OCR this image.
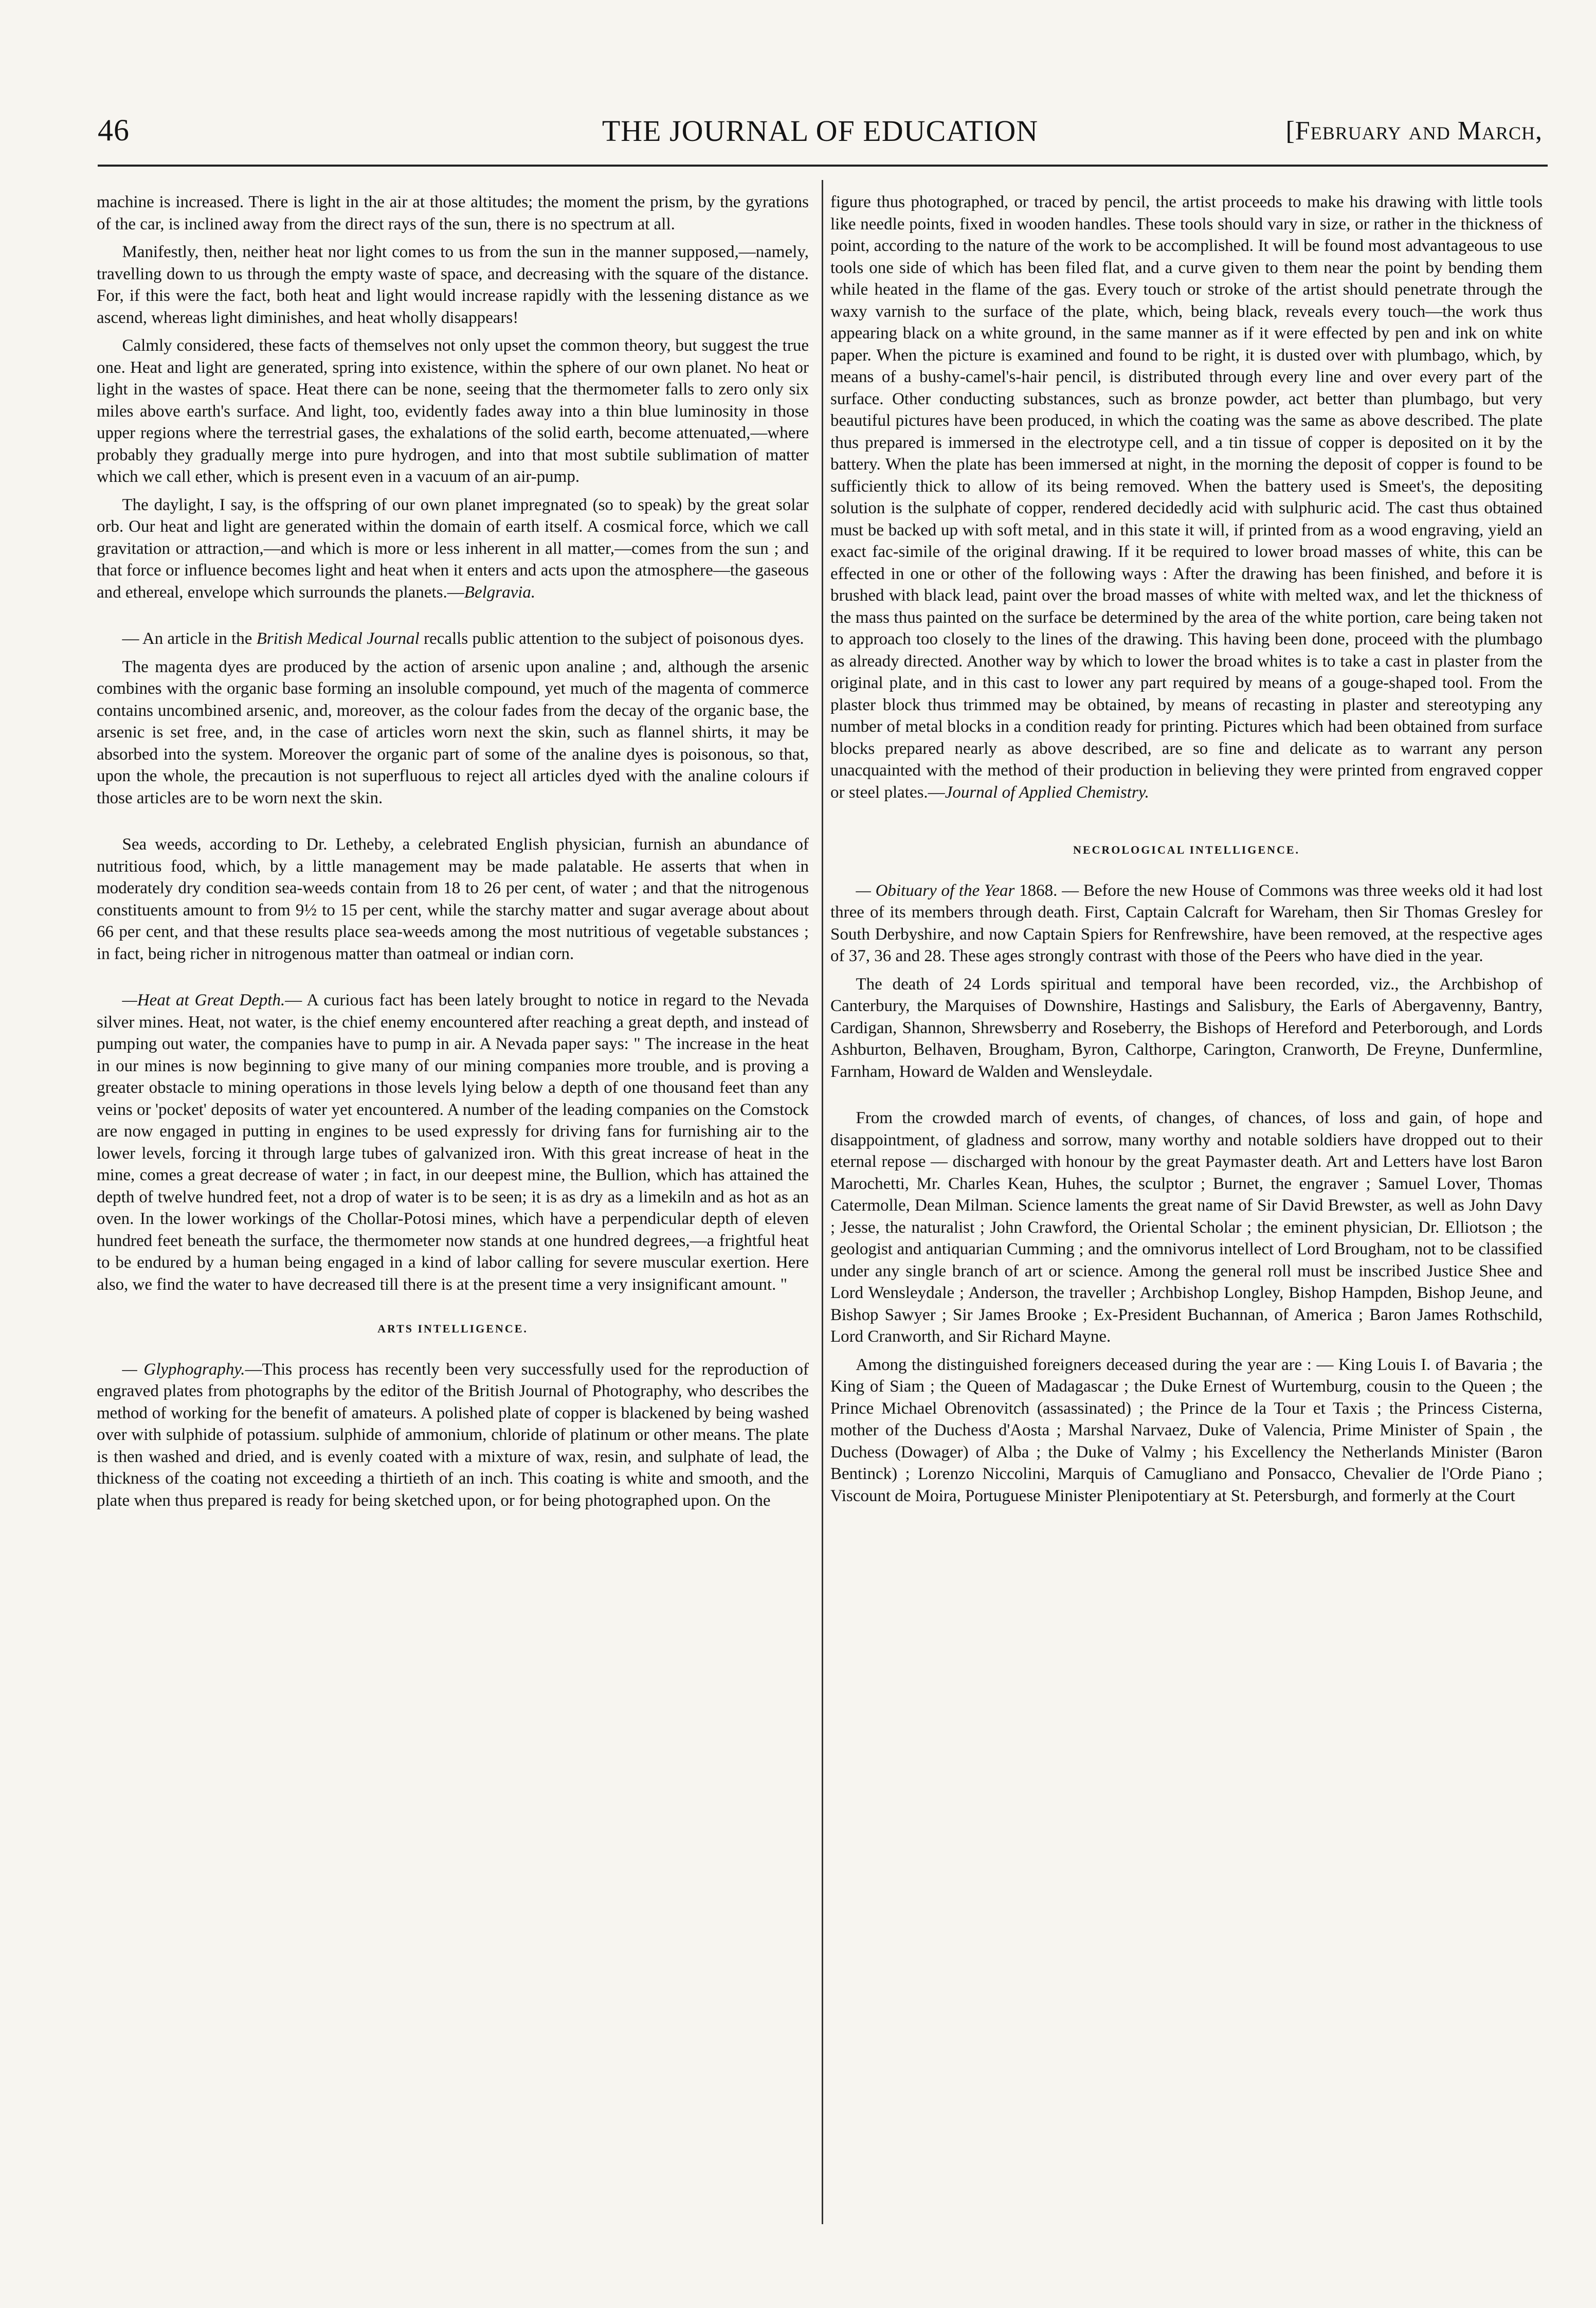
46	THE JOURNAL OF EDUCATION	[February and March,

machine is increased. There is light in the air at those altitudes; the moment the prism, by the gyrations of the car, is inclined away from the direct rays of the sun, there is no spectrum at all.

Manifestly, then, neither heat nor light comes to us from the sun in the manner supposed,—namely, travelling down to us through the empty waste of space, and decreasing with the square of the distance. For, if this were the fact, both heat and light would increase rapidly with the lessening distance as we ascend, whereas light diminishes, and heat wholly disappears!

Calmly considered, these facts of themselves not only upset the common theory, but suggest the true one. Heat and light are generated, spring into existence, within the sphere of our own planet. No heat or light in the wastes of space. Heat there can be none, seeing that the thermometer falls to zero only six miles above earth's surface. And light, too, evidently fades away into a thin blue luminosity in those upper regions where the terrestrial gases, the exhalations of the solid earth, become attenuated,—where probably they gradually merge into pure hydrogen, and into that most subtile sublimation of matter which we call ether, which is present even in a vacuum of an air-pump.

The daylight, I say, is the offspring of our own planet impregnated (so to speak) by the great solar orb. Our heat and light are generated within the domain of earth itself. A cosmical force, which we call gravitation or attraction,—and which is more or less inherent in all matter,—comes from the sun ; and that force or influence becomes light and heat when it enters and acts upon the atmosphere—the gaseous and ethereal, envelope which surrounds the planets.—Belgravia.

— An article in the British Medical Journal recalls public attention to the subject of poisonous dyes.

The magenta dyes are produced by the action of arsenic upon analine ; and, although the arsenic combines with the organic base forming an insoluble compound, yet much of the magenta of commerce contains uncombined arsenic, and, moreover, as the colour fades from the decay of the organic base, the arsenic is set free, and, in the case of articles worn next the skin, such as flannel shirts, it may be absorbed into the system. Moreover the organic part of some of the analine dyes is poisonous, so that, upon the whole, the precaution is not superfluous to reject all articles dyed with the analine colours if those articles are to be worn next the skin.

Sea weeds, according to Dr. Letheby, a celebrated English physician, furnish an abundance of nutritious food, which, by a little management may be made palatable. He asserts that when in moderately dry condition sea-weeds contain from 18 to 26 per cent, of water ; and that the nitrogenous constituents amount to from 9½ to 15 per cent, while the starchy matter and sugar average about about 66 per cent, and that these results place sea-weeds among the most nutritious of vegetable substances ; in fact, being richer in nitrogenous matter than oatmeal or indian corn.

—Heat at Great Depth.— A curious fact has been lately brought to notice in regard to the Nevada silver mines. Heat, not water, is the chief enemy encountered after reaching a great depth, and instead of pumping out water, the companies have to pump in air. A Nevada paper says: " The increase in the heat in our mines is now beginning to give many of our mining companies more trouble, and is proving a greater obstacle to mining operations in those levels lying below a depth of one thousand feet than any veins or 'pocket' deposits of water yet encountered. A number of the leading companies on the Comstock are now engaged in putting in engines to be used expressly for driving fans for furnishing air to the lower levels, forcing it through large tubes of galvanized iron. With this great increase of heat in the mine, comes a great decrease of water ; in fact, in our deepest mine, the Bullion, which has attained the depth of twelve hundred feet, not a drop of water is to be seen; it is as dry as a limekiln and as hot as an oven. In the lower workings of the Chollar-Potosi mines, which have a perpendicular depth of eleven hundred feet beneath the surface, the thermometer now stands at one hundred degrees,—a frightful heat to be endured by a human being engaged in a kind of labor calling for severe muscular exertion. Here also, we find the water to have decreased till there is at the present time a very insignificant amount. "

ARTS INTELLIGENCE.

— Glyphography.—This process has recently been very successfully used for the reproduction of engraved plates from photographs by the editor of the British Journal of Photography, who describes the method of working for the benefit of amateurs. A polished plate of copper is blackened by being washed over with sulphide of potassium. sulphide of ammonium, chloride of platinum or other means. The plate is then washed and dried, and is evenly coated with a mixture of wax, resin, and sulphate of lead, the thickness of the coating not exceeding a thirtieth of an inch. This coating is white and smooth, and the plate when thus prepared is ready for being sketched upon, or for being photographed upon. On the

figure thus photographed, or traced by pencil, the artist proceeds to make his drawing with little tools like needle points, fixed in wooden handles. These tools should vary in size, or rather in the thickness of point, according to the nature of the work to be accomplished. It will be found most advantageous to use tools one side of which has been filed flat, and a curve given to them near the point by bending them while heated in the flame of the gas. Every touch or stroke of the artist should penetrate through the waxy varnish to the surface of the plate, which, being black, reveals every touch—the work thus appearing black on a white ground, in the same manner as if it were effected by pen and ink on white paper. When the picture is examined and found to be right, it is dusted over with plumbago, which, by means of a bushy-camel's-hair pencil, is distributed through every line and over every part of the surface. Other conducting substances, such as bronze powder, act better than plumbago, but very beautiful pictures have been produced, in which the coating was the same as above described. The plate thus prepared is immersed in the electrotype cell, and a tin tissue of copper is deposited on it by the battery. When the plate has been immersed at night, in the morning the deposit of copper is found to be sufficiently thick to allow of its being removed. When the battery used is Smeet's, the depositing solution is the sulphate of copper, rendered decidedly acid with sulphuric acid. The cast thus obtained must be backed up with soft metal, and in this state it will, if printed from as a wood engraving, yield an exact fac-simile of the original drawing. If it be required to lower broad masses of white, this can be effected in one or other of the following ways : After the drawing has been finished, and before it is brushed with black lead, paint over the broad masses of white with melted wax, and let the thickness of the mass thus painted on the surface be determined by the area of the white portion, care being taken not to approach too closely to the lines of the drawing. This having been done, proceed with the plumbago as already directed. Another way by which to lower the broad whites is to take a cast in plaster from the original plate, and in this cast to lower any part required by means of a gouge-shaped tool. From the plaster block thus trimmed may be obtained, by means of recasting in plaster and stereotyping any number of metal blocks in a condition ready for printing. Pictures which had been obtained from surface blocks prepared nearly as above described, are so fine and delicate as to warrant any person unacquainted with the method of their production in believing they were printed from engraved copper or steel plates.—Journal of Applied Chemistry.

NECROLOGICAL INTELLIGENCE.

— Obituary of the Year 1868. — Before the new House of Commons was three weeks old it had lost three of its members through death. First, Captain Calcraft for Wareham, then Sir Thomas Gresley for South Derbyshire, and now Captain Spiers for Renfrewshire, have been removed, at the respective ages of 37, 36 and 28. These ages strongly contrast with those of the Peers who have died in the year.

The death of 24 Lords spiritual and temporal have been recorded, viz., the Archbishop of Canterbury, the Marquises of Downshire, Hastings and Salisbury, the Earls of Abergavenny, Bantry, Cardigan, Shannon, Shrewsberry and Roseberry, the Bishops of Hereford and Peterborough, and Lords Ashburton, Belhaven, Brougham, Byron, Calthorpe, Carington, Cranworth, De Freyne, Dunfermline, Farnham, Howard de Walden and Wensleydale.

From the crowded march of events, of changes, of chances, of loss and gain, of hope and disappointment, of gladness and sorrow, many worthy and notable soldiers have dropped out to their eternal repose — discharged with honour by the great Paymaster death. Art and Letters have lost Baron Marochetti, Mr. Charles Kean, Huhes, the sculptor ; Burnet, the engraver ; Samuel Lover, Thomas Catermolle, Dean Milman. Science laments the great name of Sir David Brewster, as well as John Davy ; Jesse, the naturalist ; John Crawford, the Oriental Scholar ; the eminent physician, Dr. Elliotson ; the geologist and antiquarian Cumming ; and the omnivorus intellect of Lord Brougham, not to be classified under any single branch of art or science. Among the general roll must be inscribed Justice Shee and Lord Wensleydale ; Anderson, the traveller ; Archbishop Longley, Bishop Hampden, Bishop Jeune, and Bishop Sawyer ; Sir James Brooke ; Ex-President Buchannan, of America ; Baron James Rothschild, Lord Cranworth, and Sir Richard Mayne.

Among the distinguished foreigners deceased during the year are : — King Louis I. of Bavaria ; the King of Siam ; the Queen of Madagascar ; the Duke Ernest of Wurtemburg, cousin to the Queen ; the Prince Michael Obrenovitch (assassinated) ; the Prince de la Tour et Taxis ; the Princess Cisterna, mother of the Duchess d'Aosta ; Marshal Narvaez, Duke of Valencia, Prime Minister of Spain , the Duchess (Dowager) of Alba ; the Duke of Valmy ; his Excellency the Netherlands Minister (Baron Bentinck) ; Lorenzo Niccolini, Marquis of Camugliano and Ponsacco, Chevalier de l'Orde Piano ; Viscount de Moira, Portuguese Minister Plenipotentiary at St. Petersburgh, and formerly at the Court
